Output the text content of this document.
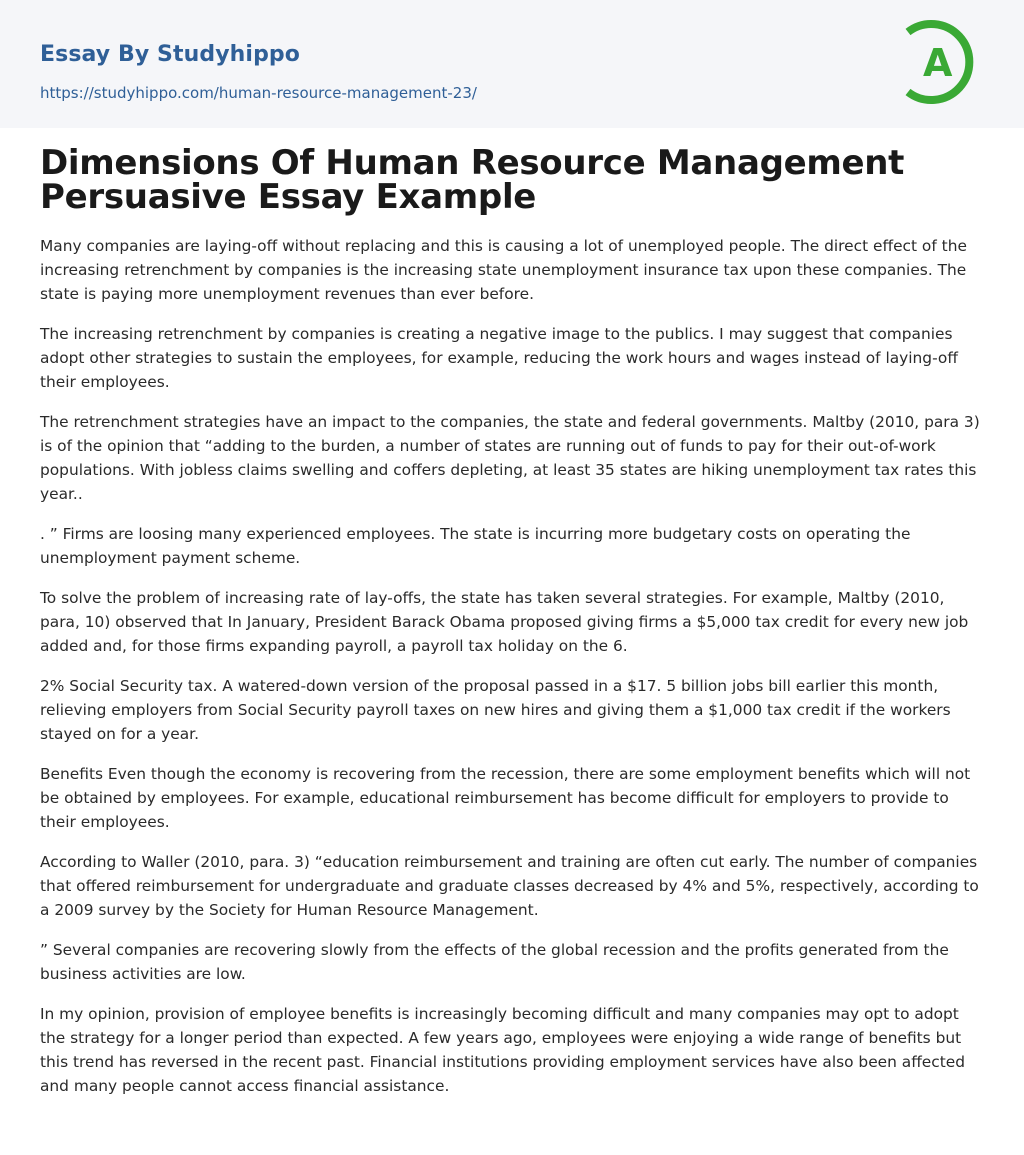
Essay By Studyhippo
https://studyhippo.com/human-resource-management-23/
A
Dimensions Of Human Resource Management
Persuasive Essay Example

Many companies are laying-off without replacing and this is causing a lot of unemployed people. The direct effect of the increasing retrenchment by companies is the increasing state unemployment insurance tax upon these companies. The state is paying more unemployment revenues than ever before.

The increasing retrenchment by companies is creating a negative image to the publics. I may suggest that companies adopt other strategies to sustain the employees, for example, reducing the work hours and wages instead of laying-off their employees.

The retrenchment strategies have an impact to the companies, the state and federal governments. Maltby (2010, para 3) is of the opinion that “adding to the burden, a number of states are running out of funds to pay for their out-of-work populations. With jobless claims swelling and coffers depleting, at least 35 states are hiking unemployment tax rates this year..

. ” Firms are loosing many experienced employees. The state is incurring more budgetary costs on operating the unemployment payment scheme.

To solve the problem of increasing rate of lay-offs, the state has taken several strategies. For example, Maltby (2010, para, 10) observed that In January, President Barack Obama proposed giving firms a $5,000 tax credit for every new job added and, for those firms expanding payroll, a payroll tax holiday on the 6.

2% Social Security tax. A watered-down version of the proposal passed in a $17. 5 billion jobs bill earlier this month, relieving employers from Social Security payroll taxes on new hires and giving them a $1,000 tax credit if the workers stayed on for a year.

Benefits Even though the economy is recovering from the recession, there are some employment benefits which will not be obtained by employees. For example, educational reimbursement has become difficult for employers to provide to their employees.

According to Waller (2010, para. 3) “education reimbursement and training are often cut early. The number of companies that offered reimbursement for undergraduate and graduate classes decreased by 4% and 5%, respectively, according to a 2009 survey by the Society for Human Resource Management.

” Several companies are recovering slowly from the effects of the global recession and the profits generated from the business activities are low.

In my opinion, provision of employee benefits is increasingly becoming difficult and many companies may opt to adopt the strategy for a longer period than expected. A few years ago, employees were enjoying a wide range of benefits but this trend has reversed in the recent past. Financial institutions providing employment services have also been affected and many people cannot access financial assistance.
